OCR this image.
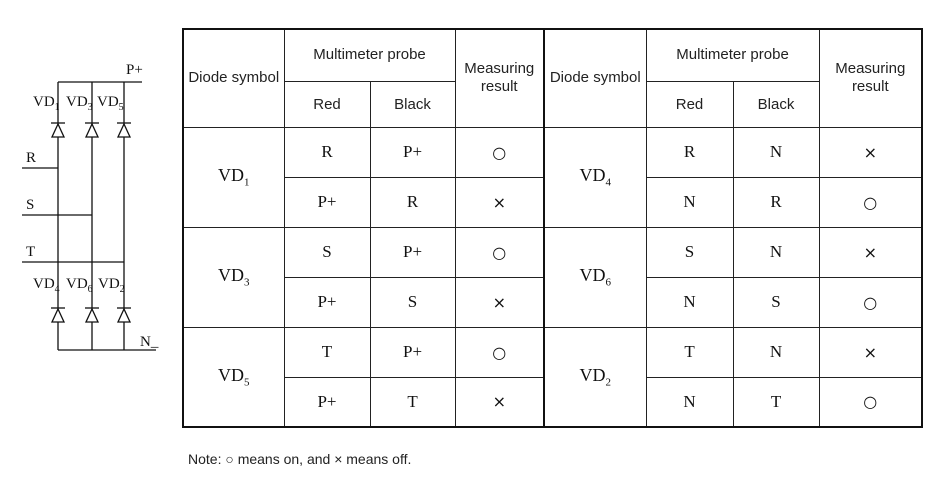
P+
N_
R
S
T
$VD_1$ $VD_3$ $VD_5$
$VD_4$ $VD_6$ $VD_2$
Diode symbol	Multimeter probe		Measuring result	Diode symbol	Multimeter probe		Measuring result
	Red	Black			Red	Black	
$VD_1$	R	P+	○	$VD_4$	R	N	×
	P+	R	×		N	R	○
$VD_3$	S	P+	○	$VD_6$	S	N	×
	P+	S	×		N	S	○
$VD_5$	T	P+	○	$VD_2$	T	N	×
	P+	T	×		N	T	○
Note: ○ means on, and × means off.
